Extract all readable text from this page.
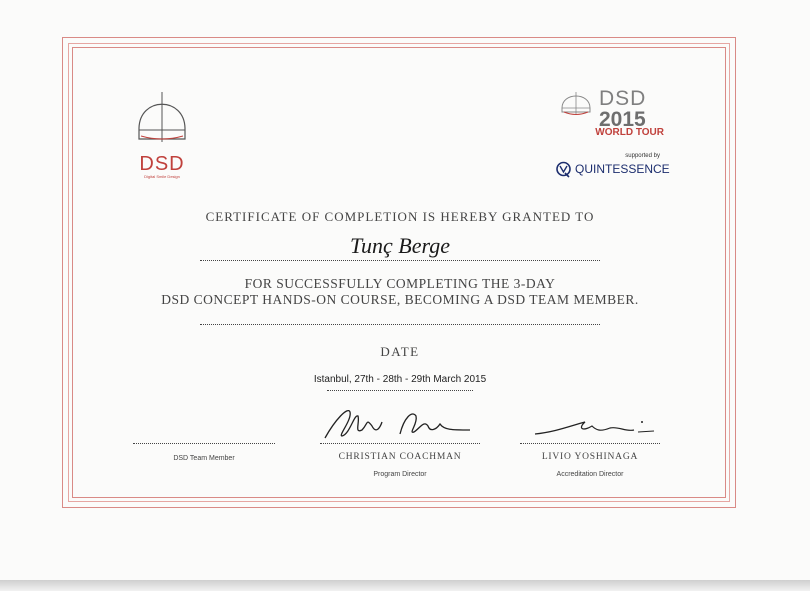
DSD
Digital Smile Design
DSD
2015
WORLD TOUR
supported by
QUINTESSENCE
CERTIFICATE OF COMPLETION IS HEREBY GRANTED TO
Tunç Berge
FOR SUCCESSFULLY COMPLETING THE 3-DAY
DSD CONCEPT HANDS-ON COURSE, BECOMING A DSD TEAM MEMBER.
DATE
Istanbul, 27th - 28th - 29th March 2015
DSD Team Member	CHRISTIAN COACHMAN
Program Director
LIVIO YOSHINAGA
Accreditation Director
